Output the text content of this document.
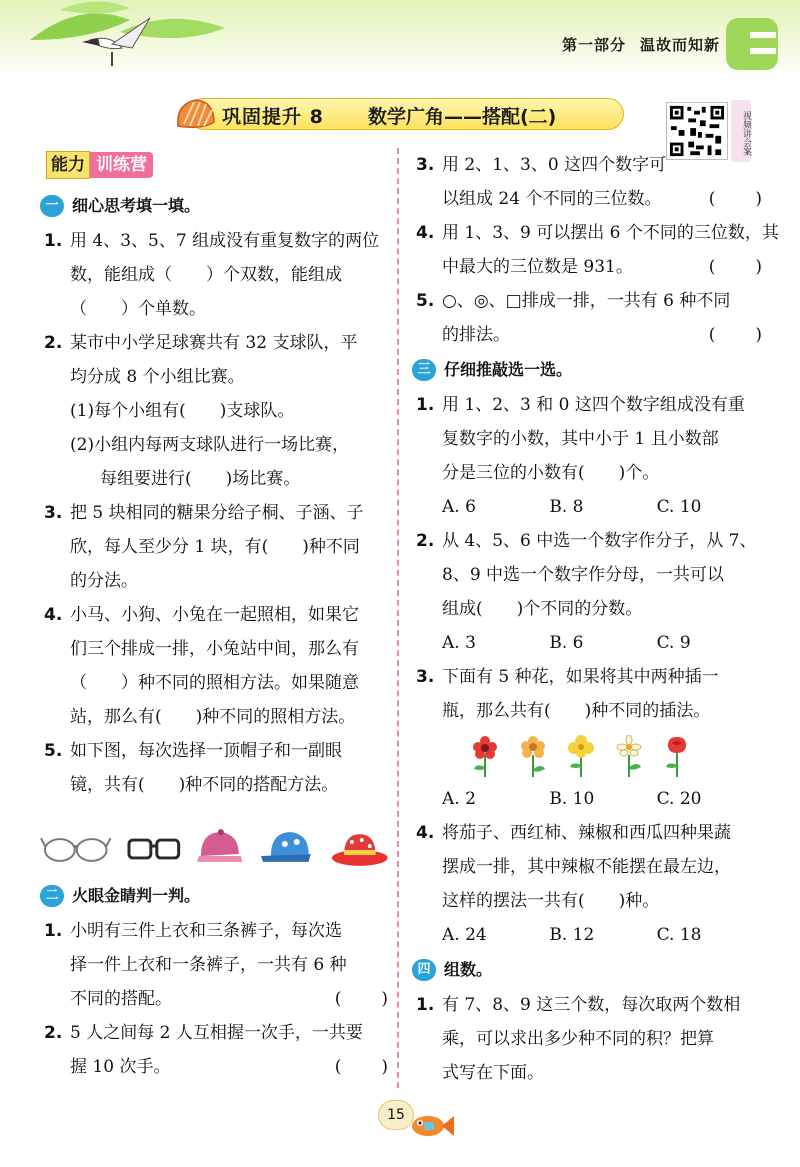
第一部分 温故而知新
巩固提升 8 数学广角——搭配(二)	视频讲会案
能力 训练营
一 细心思考填一填。
1. 用 4、3、5、7 组成没有重复数字的两位
数，能组成（　　）个双数，能组成
（　　）个单数。
2. 某市中小学足球赛共有 32 支球队，平
均分成 8 个小组比赛。
(1)每个小组有(　　)支球队。
(2)小组内每两支球队进行一场比赛，
每组要进行(　　)场比赛。
3. 把 5 块相同的糖果分给子桐、子涵、子
欣，每人至少分 1 块，有(　　)种不同
的分法。
4. 小马、小狗、小兔在一起照相，如果它
们三个排成一排，小兔站中间，那么有
（　　）种不同的照相方法。如果随意
站，那么有(　　)种不同的照相方法。
5. 如下图，每次选择一顶帽子和一副眼
镜，共有(　　)种不同的搭配方法。
二 火眼金睛判一判。
1. 小明有三件上衣和三条裤子，每次选
择一件上衣和一条裤子，一共有 6 种
不同的搭配。	(　　)
2. 5 人之间每 2 人互相握一次手，一共要
握 10 次手。	(　　)
3. 用 2、1、3、0 这四个数字可
以组成 24 个不同的三位数。	(　　)
4. 用 1、3、9 可以摆出 6 个不同的三位数，其
中最大的三位数是 931。	(　　)
5. ○、◎、□排成一排，一共有 6 种不同
的排法。	(　　)
三 仔细推敲选一选。
1. 用 1、2、3 和 0 这四个数字组成没有重
复数字的小数，其中小于 1 且小数部
分是三位的小数有(　　)个。
A. 6	B. 8	C. 10
2. 从 4、5、6 中选一个数字作分子，从 7、
8、9 中选一个数字作分母，一共可以
组成(　　)个不同的分数。
A. 3	B. 6	C. 9
3. 下面有 5 种花，如果将其中两种插一
瓶，那么共有(　　)种不同的插法。
A. 2	B. 10	C. 20
4. 将茄子、西红柿、辣椒和西瓜四种果蔬
摆成一排，其中辣椒不能摆在最左边，
这样的摆法一共有(　　)种。
A. 24	B. 12	C. 18
四 组数。
1. 有 7、8、9 这三个数，每次取两个数相
乘，可以求出多少种不同的积？把算
式写在下面。
15
